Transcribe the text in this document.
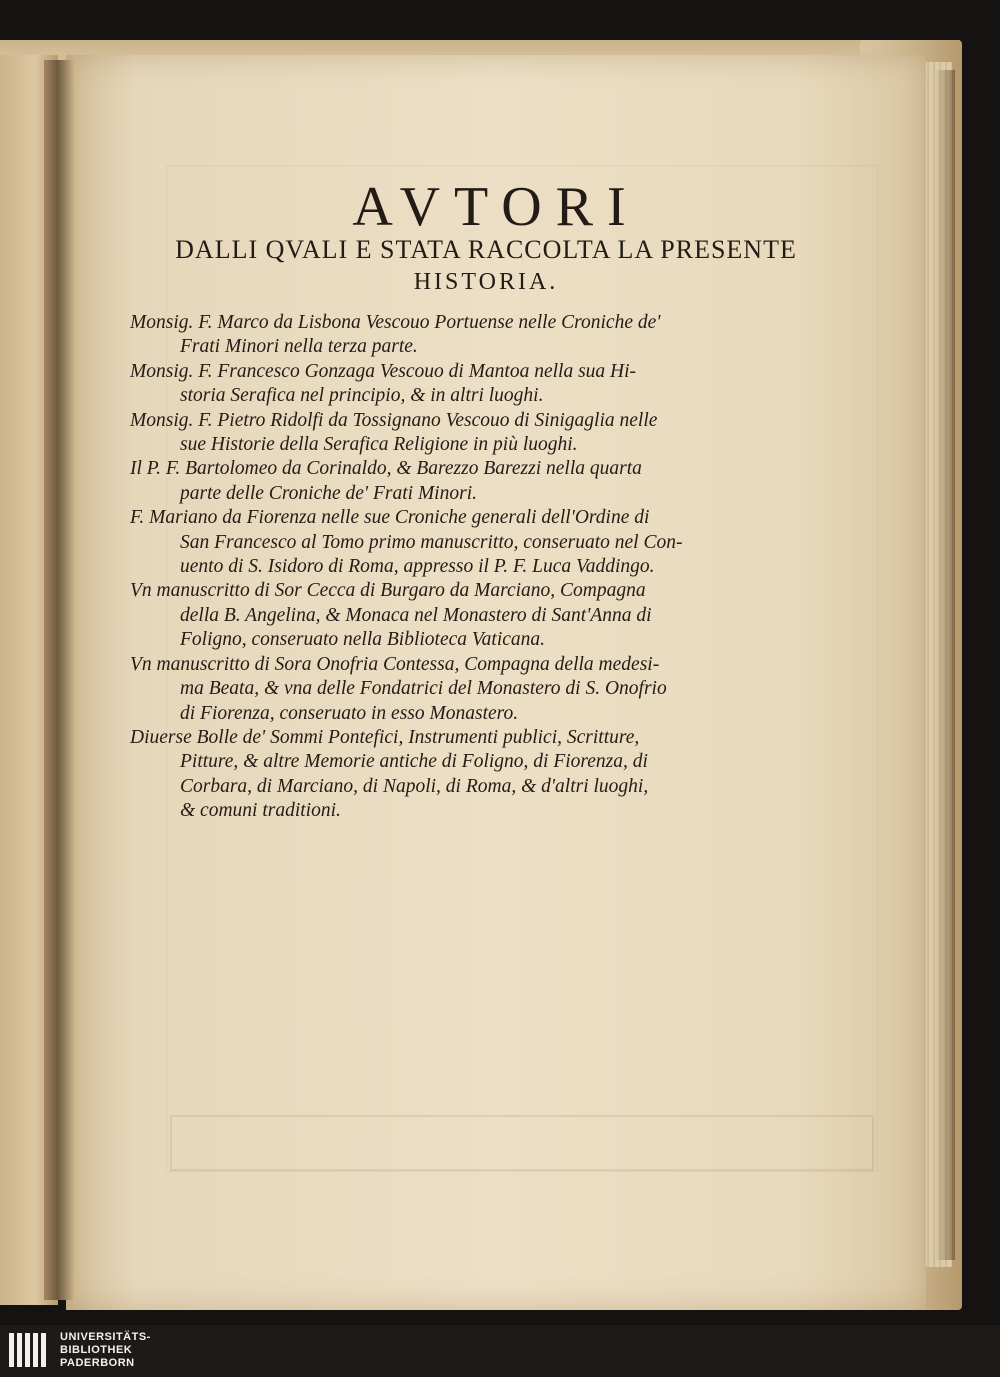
AVTORI
DALLI QVALI E STATA RACCOLTA LA PRESENTE
HISTORIA.
Monsig. F. Marco da Lisbona Vescouo Portuense nelle Croniche de'
Frati Minori nella terza parte.
Monsig. F. Francesco Gonzaga Vescouo di Mantoa nella sua Hi-
storia Serafica nel principio, & in altri luoghi.
Monsig. F. Pietro Ridolfi da Tossignano Vescouo di Sinigaglia nelle
sue Historie della Serafica Religione in più luoghi.
Il P. F. Bartolomeo da Corinaldo, & Barezzo Barezzi nella quarta
parte delle Croniche de' Frati Minori.
F. Mariano da Fiorenza nelle sue Croniche generali dell'Ordine di
San Francesco al Tomo primo manuscritto, conseruato nel Con-
uento di S. Isidoro di Roma, appresso il P. F. Luca Vaddingo.
Vn manuscritto di Sor Cecca di Burgaro da Marciano, Compagna
della B. Angelina, & Monaca nel Monastero di Sant'Anna di
Foligno, conseruato nella Biblioteca Vaticana.
Vn manuscritto di Sora Onofria Contessa, Compagna della medesi-
ma Beata, & vna delle Fondatrici del Monastero di S. Onofrio
di Fiorenza, conseruato in esso Monastero.
Diuerse Bolle de' Sommi Pontefici, Instrumenti publici, Scritture,
Pitture, & altre Memorie antiche di Foligno, di Fiorenza, di
Corbara, di Marciano, di Napoli, di Roma, & d'altri luoghi,
& comuni traditioni.
UNIVERSITÄTS-
BIBLIOTHEK
PADERBORN
